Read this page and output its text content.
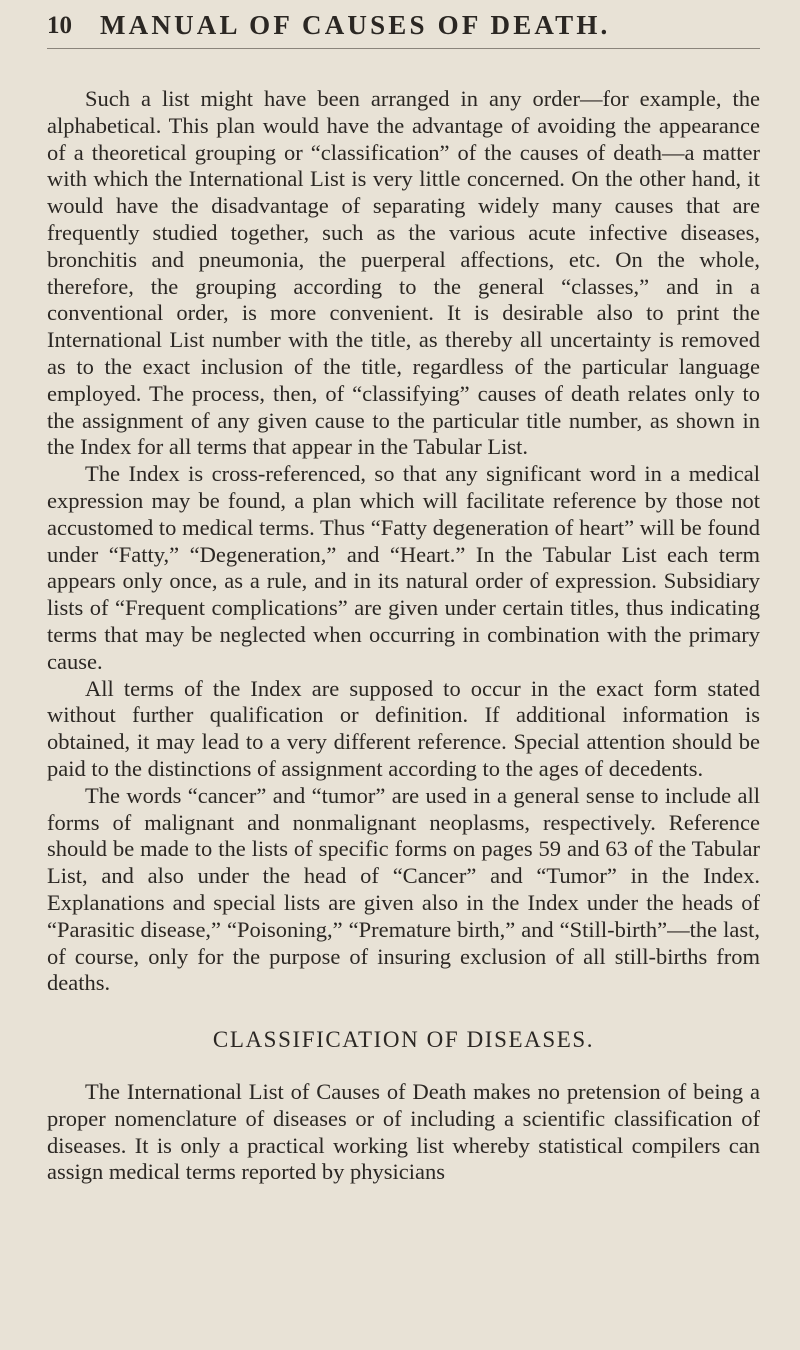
10 MANUAL OF CAUSES OF DEATH.

Such a list might have been arranged in any order—for example, the alphabetical. This plan would have the advantage of avoiding the appearance of a theoretical grouping or “classification” of the causes of death—a matter with which the International List is very little concerned. On the other hand, it would have the disadvantage of separating widely many causes that are frequently studied together, such as the various acute infective diseases, bronchitis and pneumonia, the puerperal affections, etc. On the whole, therefore, the grouping according to the general “classes,” and in a conventional order, is more convenient. It is desirable also to print the International List number with the title, as thereby all uncertainty is removed as to the exact inclusion of the title, regardless of the particular language employed. The process, then, of “classifying” causes of death relates only to the assignment of any given cause to the particular title number, as shown in the Index for all terms that appear in the Tabular List.

The Index is cross-referenced, so that any significant word in a medical expression may be found, a plan which will facilitate reference by those not accustomed to medical terms. Thus “Fatty degeneration of heart” will be found under “Fatty,” “Degeneration,” and “Heart.” In the Tabular List each term appears only once, as a rule, and in its natural order of expression. Subsidiary lists of “Frequent complications” are given under certain titles, thus indicating terms that may be neglected when occurring in combination with the primary cause.

All terms of the Index are supposed to occur in the exact form stated without further qualification or definition. If additional information is obtained, it may lead to a very different reference. Special attention should be paid to the distinctions of assignment according to the ages of decedents.

The words “cancer” and “tumor” are used in a general sense to include all forms of malignant and nonmalignant neoplasms, respectively. Reference should be made to the lists of specific forms on pages 59 and 63 of the Tabular List, and also under the head of “Cancer” and “Tumor” in the Index. Explanations and special lists are given also in the Index under the heads of “Parasitic disease,” “Poisoning,” “Premature birth,” and “Still-birth”—the last, of course, only for the purpose of insuring exclusion of all still-births from deaths.

CLASSIFICATION OF DISEASES.

The International List of Causes of Death makes no pretension of being a proper nomenclature of diseases or of including a scientific classification of diseases. It is only a practical working list whereby statistical compilers can assign medical terms reported by physicians
